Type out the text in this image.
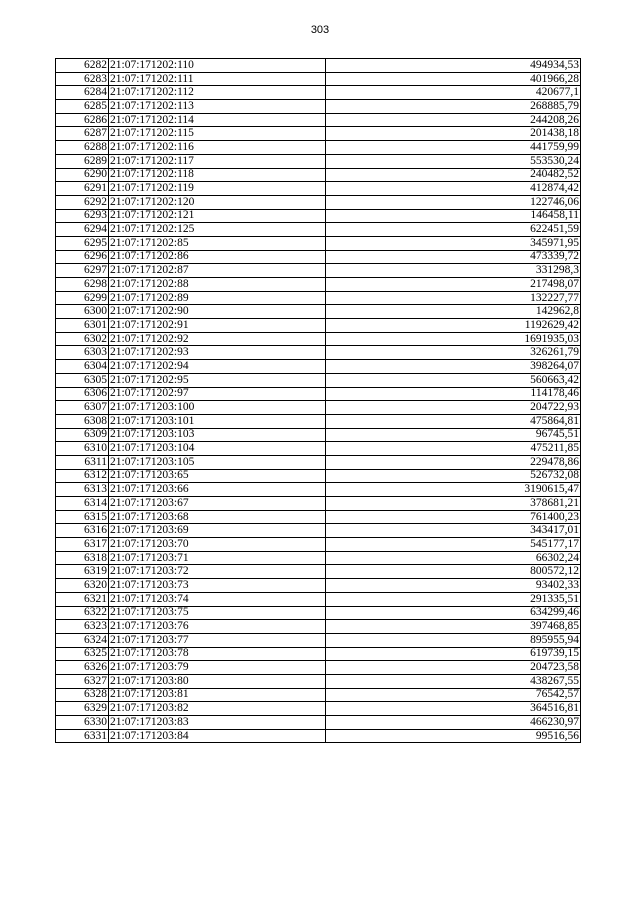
303
6282	21:07:171202:110	494934,53
6283	21:07:171202:111	401966,28
6284	21:07:171202:112	420677,1
6285	21:07:171202:113	268885,79
6286	21:07:171202:114	244208,26
6287	21:07:171202:115	201438,18
6288	21:07:171202:116	441759,99
6289	21:07:171202:117	553530,24
6290	21:07:171202:118	240482,52
6291	21:07:171202:119	412874,42
6292	21:07:171202:120	122746,06
6293	21:07:171202:121	146458,11
6294	21:07:171202:125	622451,59
6295	21:07:171202:85	345971,95
6296	21:07:171202:86	473339,72
6297	21:07:171202:87	331298,3
6298	21:07:171202:88	217498,07
6299	21:07:171202:89	132227,77
6300	21:07:171202:90	142962,8
6301	21:07:171202:91	1192629,42
6302	21:07:171202:92	1691935,03
6303	21:07:171202:93	326261,79
6304	21:07:171202:94	398264,07
6305	21:07:171202:95	560663,42
6306	21:07:171202:97	114178,46
6307	21:07:171203:100	204722,93
6308	21:07:171203:101	475864,81
6309	21:07:171203:103	96745,51
6310	21:07:171203:104	475211,85
6311	21:07:171203:105	229478,86
6312	21:07:171203:65	526732,08
6313	21:07:171203:66	3190615,47
6314	21:07:171203:67	378681,21
6315	21:07:171203:68	761400,23
6316	21:07:171203:69	343417,01
6317	21:07:171203:70	545177,17
6318	21:07:171203:71	66302,24
6319	21:07:171203:72	800572,12
6320	21:07:171203:73	93402,33
6321	21:07:171203:74	291335,51
6322	21:07:171203:75	634299,46
6323	21:07:171203:76	397468,85
6324	21:07:171203:77	895955,94
6325	21:07:171203:78	619739,15
6326	21:07:171203:79	204723,58
6327	21:07:171203:80	438267,55
6328	21:07:171203:81	76542,57
6329	21:07:171203:82	364516,81
6330	21:07:171203:83	466230,97
6331	21:07:171203:84	99516,56
